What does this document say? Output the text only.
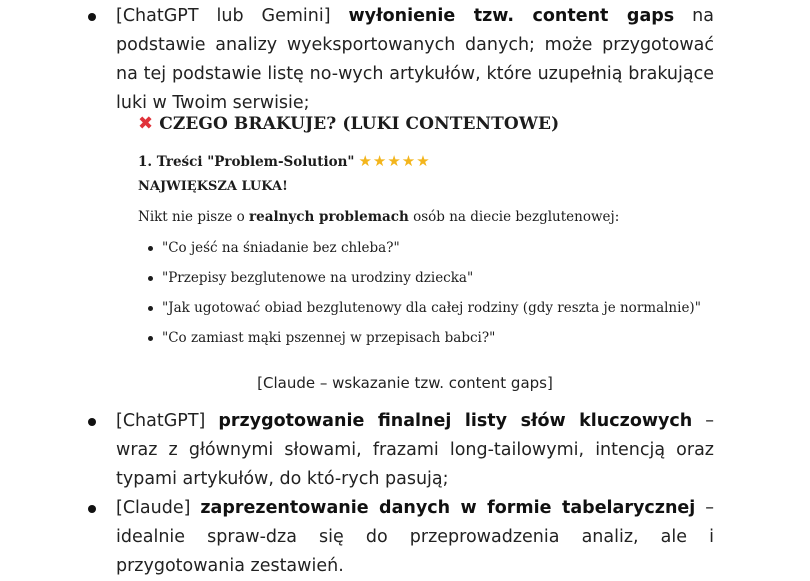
[ChatGPT lub Gemini] wyłonienie tzw. content gaps na podstawie analizy wyeksportowanych danych; może przygotować na tej podstawie listę no-wych artykułów, które uzupełnią brakujące luki w Twoim serwisie;
✖ CZEGO BRAKUJE? (LUKI CONTENTOWE)
1. Treści "Problem-Solution" ★★★★★
NAJWIĘKSZA LUKA!
Nikt nie pisze o realnych problemach osób na diecie bezglutenowej:
"Co jeść na śniadanie bez chleba?"
"Przepisy bezglutenowe na urodziny dziecka"
"Jak ugotować obiad bezglutenowy dla całej rodziny (gdy reszta je normalnie)"
"Co zamiast mąki pszennej w przepisach babci?"
[Claude – wskazanie tzw. content gaps]
[ChatGPT] przygotowanie finalnej listy słów kluczowych – wraz z głównymi słowami, frazami long-tailowymi, intencją oraz typami artykułów, do któ-rych pasują;
[Claude] zaprezentowanie danych w formie tabelarycznej – idealnie spraw-dza się do przeprowadzenia analiz, ale i przygotowania zestawień.
